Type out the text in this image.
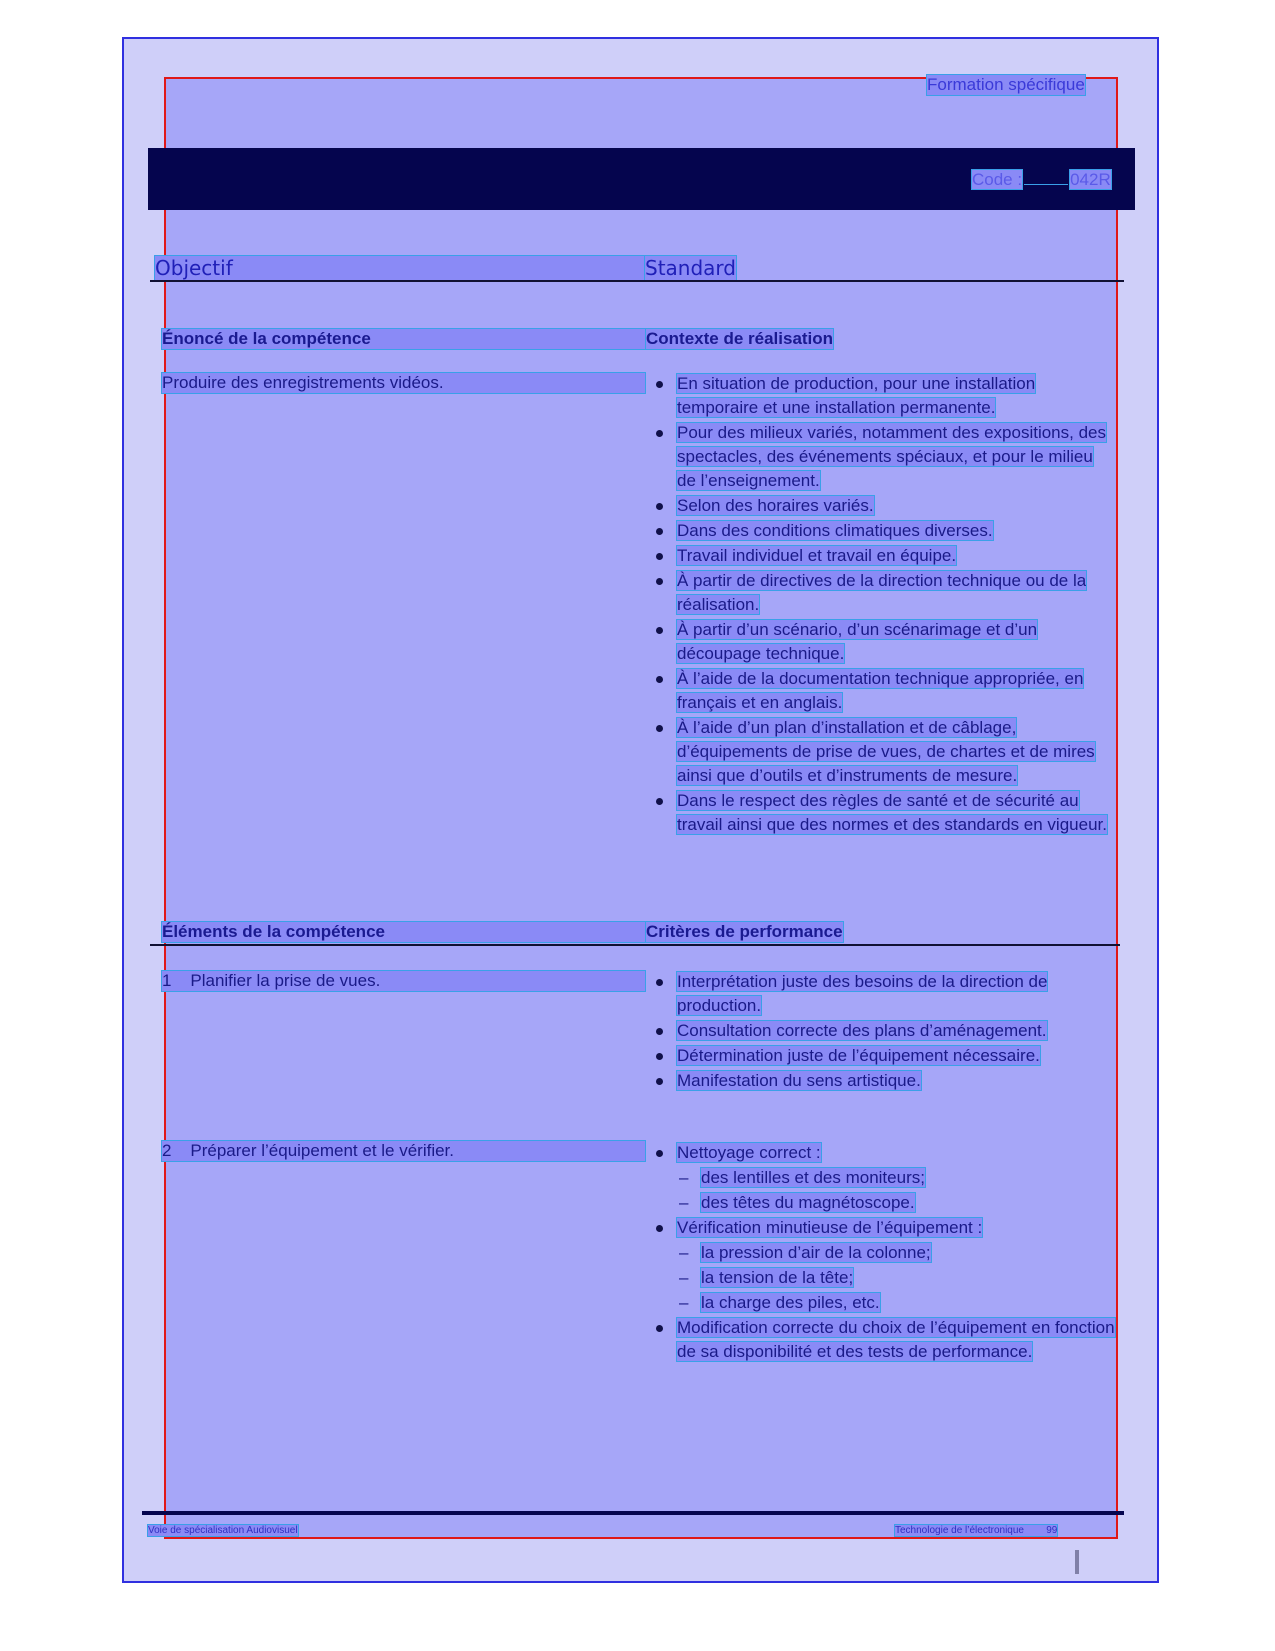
Formation spécifique
Code :	042R
Objectif	Standard
Énoncé de la compétence	Contexte de réalisation
Produire des enregistrements vidéos.	En situation de production, pour une installation temporaire et une installation permanente.
Pour des milieux variés, notamment des expositions, des spectacles, des événements spéciaux, et pour le milieu de l’enseignement.
Selon des horaires variés.
Dans des conditions climatiques diverses.
Travail individuel et travail en équipe.
À partir de directives de la direction technique ou de la réalisation.
À partir d’un scénario, d’un scénarimage et d’un découpage technique.
À l’aide de la documentation technique appropriée, en français et en anglais.
À l’aide d’un plan d’installation et de câblage, d’équipements de prise de vues, de chartes et de mires ainsi que d’outils et d’instruments de mesure.
Dans le respect des règles de santé et de sécurité au travail ainsi que des normes et des standards en vigueur.
Éléments de la compétence	Critères de performance
1 Planifier la prise de vues.	Interprétation juste des besoins de la direction de production.
Consultation correcte des plans d’aménagement.
Détermination juste de l’équipement nécessaire.
Manifestation du sens artistique.
2 Préparer l’équipement et le vérifier.	Nettoyage correct :
– des lentilles et des moniteurs;
– des têtes du magnétoscope.
Vérification minutieuse de l’équipement :
– la pression d’air de la colonne;
– la tension de la tête;
– la charge des piles, etc.
Modification correcte du choix de l’équipement en fonction de sa disponibilité et des tests de performance.
Voie de spécialisation Audiovisuel	Technologie de l’électronique 99
